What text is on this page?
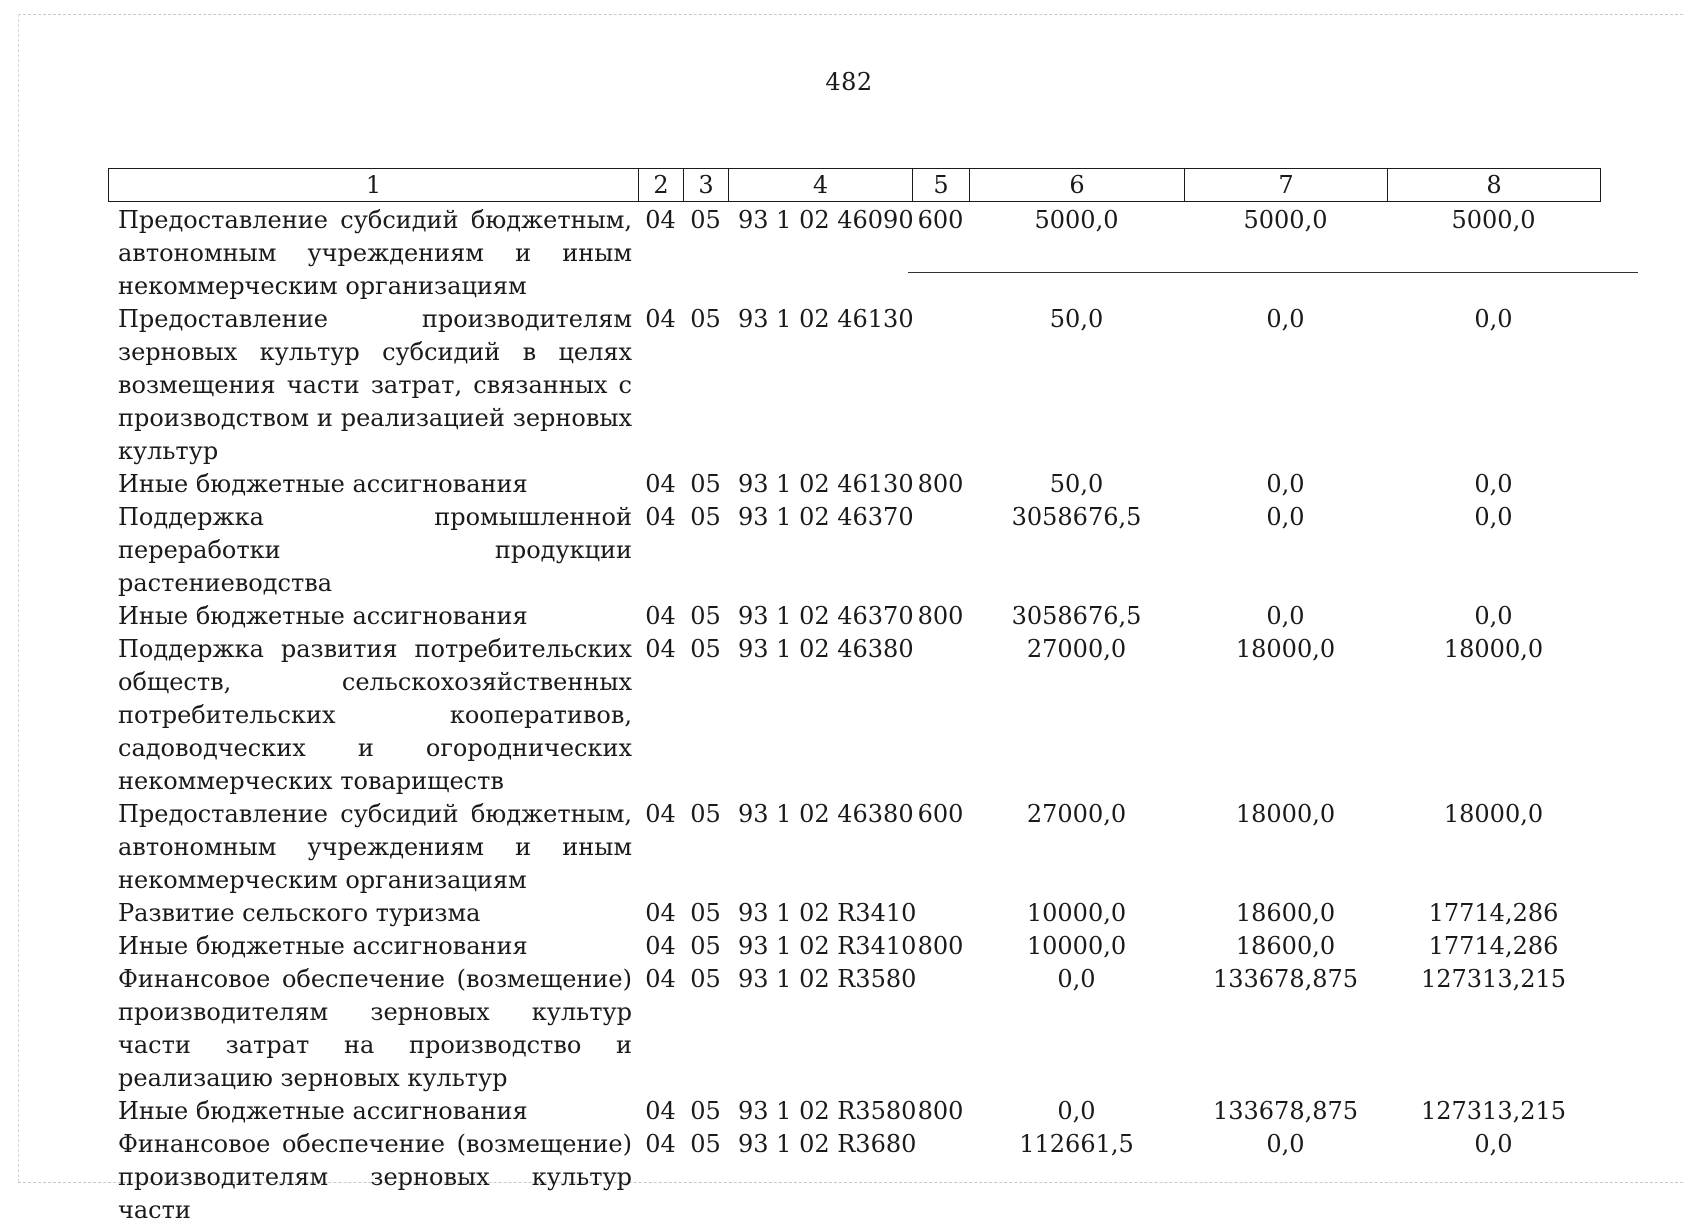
482
1	2	3	4	5	6	7	8
Предоставление субсидий бюджетным, автономным учреждениям и иным некоммерческим организациям	04	05	93 1 02 46090	600	5000,0	5000,0	5000,0
Предоставление производителям зерновых культур субсидий в целях возмещения части затрат, связанных с производством и реализацией зерновых культур	04	05	93 1 02 46130		50,0	0,0	0,0
Иные бюджетные ассигнования	04	05	93 1 02 46130	800	50,0	0,0	0,0
Поддержка промышленной переработки продукции растениеводства	04	05	93 1 02 46370		3058676,5	0,0	0,0
Иные бюджетные ассигнования	04	05	93 1 02 46370	800	3058676,5	0,0	0,0
Поддержка развития потребительских обществ, сельскохозяйственных потребительских кооперативов, садоводческих и огороднических некоммерческих товариществ	04	05	93 1 02 46380		27000,0	18000,0	18000,0
Предоставление субсидий бюджетным, автономным учреждениям и иным некоммерческим организациям	04	05	93 1 02 46380	600	27000,0	18000,0	18000,0
Развитие сельского туризма	04	05	93 1 02 R3410		10000,0	18600,0	17714,286
Иные бюджетные ассигнования	04	05	93 1 02 R3410	800	10000,0	18600,0	17714,286
Финансовое обеспечение (возмещение) производителям зерновых культур части затрат на производство и реализацию зерновых культур	04	05	93 1 02 R3580		0,0	133678,875	127313,215
Иные бюджетные ассигнования	04	05	93 1 02 R3580	800	0,0	133678,875	127313,215
Финансовое обеспечение (возмещение) производителям зерновых культур части	04	05	93 1 02 R3680		112661,5	0,0	0,0
